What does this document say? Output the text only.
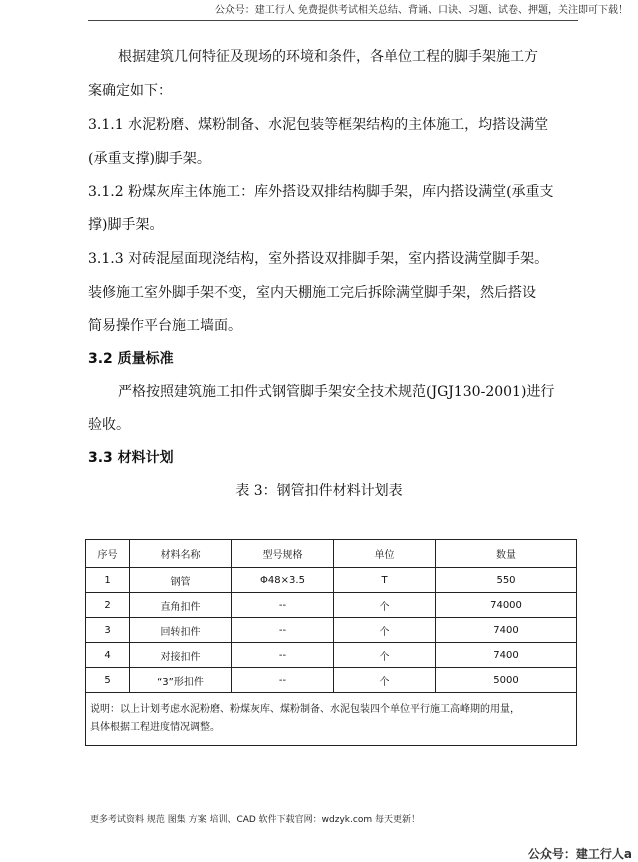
公众号：建工行人 免费提供考试相关总结、背诵、口诀、习题、试卷、押题，关注即可下载！
根据建筑几何特征及现场的环境和条件，各单位工程的脚手架施工方
案确定如下：
3.1.1 水泥粉磨、煤粉制备、水泥包装等框架结构的主体施工，均搭设满堂
(承重支撑)脚手架。
3.1.2 粉煤灰库主体施工：库外搭设双排结构脚手架，库内搭设满堂(承重支
撑)脚手架。
3.1.3 对砖混屋面现浇结构，室外搭设双排脚手架，室内搭设满堂脚手架。
装修施工室外脚手架不变，室内天棚施工完后拆除满堂脚手架，然后搭设
简易操作平台施工墙面。
3.2 质量标准
严格按照建筑施工扣件式钢管脚手架安全技术规范(JGJ130-2001)进行
验收。
3.3 材料计划
表 3：钢管扣件材料计划表
序号	材料名称	型号规格	单位	数量
1	钢管	Φ48×3.5	T	550
2	直角扣件	--	个	74000
3	回转扣件	--	个	7400
4	对接扣件	--	个	7400
5	“3”形扣件	--	个	5000

说明：以上计划考虑水泥粉磨、粉煤灰库、煤粉制备、水泥包装四个单位平行施工高峰期的用量，
具体根据工程进度情况调整。				
更多考试资料 规范 图集 方案 培训、CAD 软件下载官网：wdzyk.com 每天更新！
公众号：建工行人a
